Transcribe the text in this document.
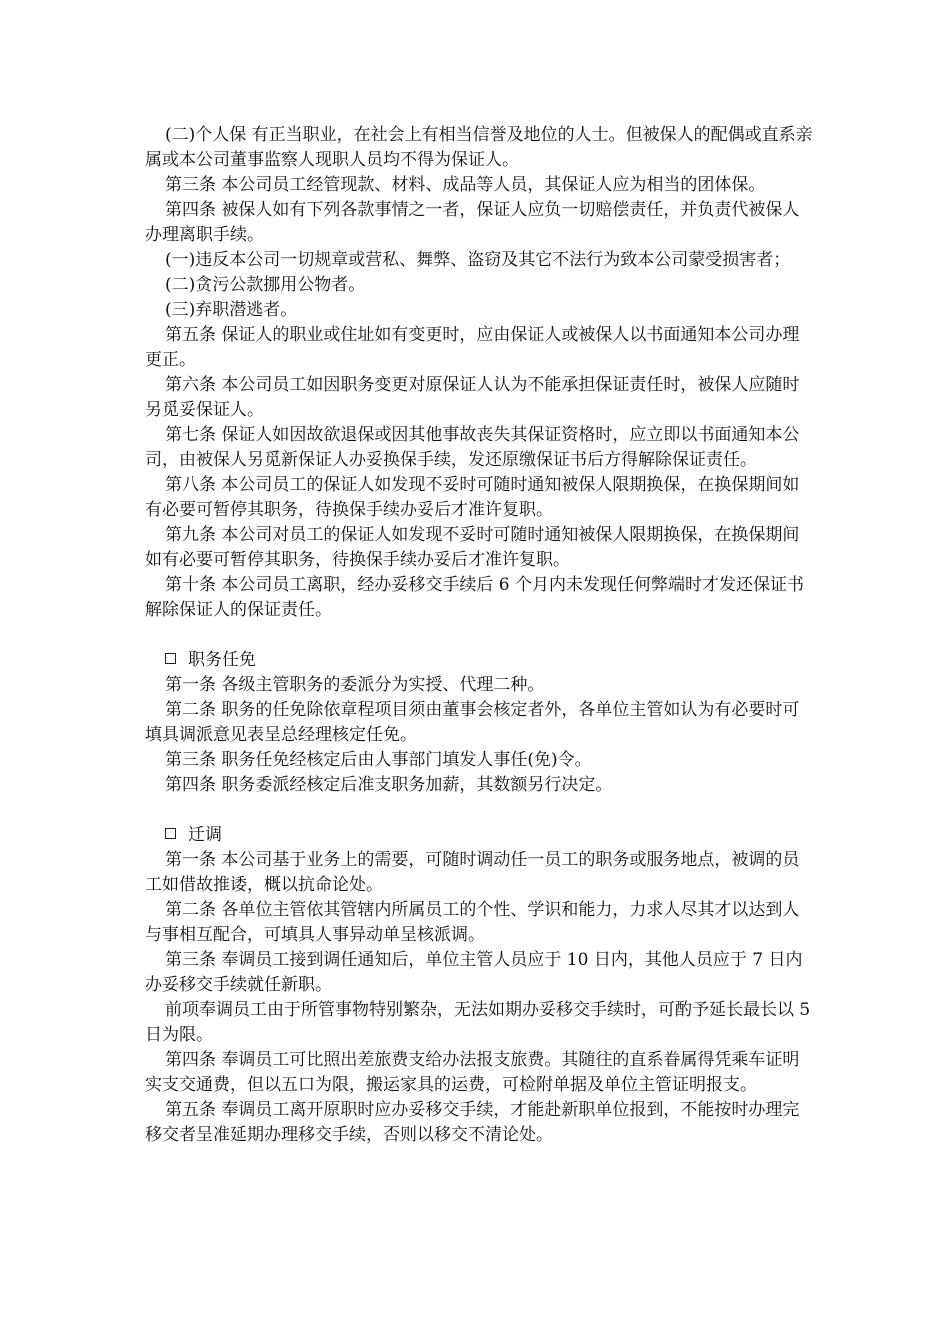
(二)个人保 有正当职业，在社会上有相当信誉及地位的人士。但被保人的配偶或直系亲属或本公司董事监察人现职人员均不得为保证人。

第三条 本公司员工经管现款、材料、成品等人员，其保证人应为相当的团体保。

第四条 被保人如有下列各款事情之一者，保证人应负一切赔偿责任，并负责代被保人办理离职手续。

(一)违反本公司一切规章或营私、舞弊、盗窃及其它不法行为致本公司蒙受损害者；

(二)贪污公款挪用公物者。

(三)弃职潜逃者。

第五条 保证人的职业或住址如有变更时，应由保证人或被保人以书面通知本公司办理更正。

第六条 本公司员工如因职务变更对原保证人认为不能承担保证责任时，被保人应随时另觅妥保证人。

第七条 保证人如因故欲退保或因其他事故丧失其保证资格时，应立即以书面通知本公司，由被保人另觅新保证人办妥换保手续，发还原缴保证书后方得解除保证责任。

第八条 本公司员工的保证人如发现不妥时可随时通知被保人限期换保，在换保期间如有必要可暂停其职务，待换保手续办妥后才准许复职。

第九条 本公司对员工的保证人如发现不妥时可随时通知被保人限期换保，在换保期间如有必要可暂停其职务，待换保手续办妥后才准许复职。

第十条 本公司员工离职，经办妥移交手续后 6 个月内未发现任何弊端时才发还保证书解除保证人的保证责任。

职务任免

第一条 各级主管职务的委派分为实授、代理二种。

第二条 职务的任免除依章程项目须由董事会核定者外，各单位主管如认为有必要时可填具调派意见表呈总经理核定任免。

第三条 职务任免经核定后由人事部门填发人事任(免)令。

第四条 职务委派经核定后准支职务加薪，其数额另行决定。

迁调

第一条 本公司基于业务上的需要，可随时调动任一员工的职务或服务地点，被调的员工如借故推诿，概以抗命论处。

第二条 各单位主管依其管辖内所属员工的个性、学识和能力，力求人尽其才以达到人与事相互配合，可填具人事异动单呈核派调。

第三条 奉调员工接到调任通知后，单位主管人员应于 10 日内，其他人员应于 7 日内办妥移交手续就任新职。

前项奉调员工由于所管事物特别繁杂，无法如期办妥移交手续时，可酌予延长最长以 5 日为限。

第四条 奉调员工可比照出差旅费支给办法报支旅费。其随往的直系眷属得凭乘车证明实支交通费，但以五口为限，搬运家具的运费，可检附单据及单位主管证明报支。

第五条 奉调员工离开原职时应办妥移交手续，才能赴新职单位报到，不能按时办理完移交者呈准延期办理移交手续，否则以移交不清论处。
